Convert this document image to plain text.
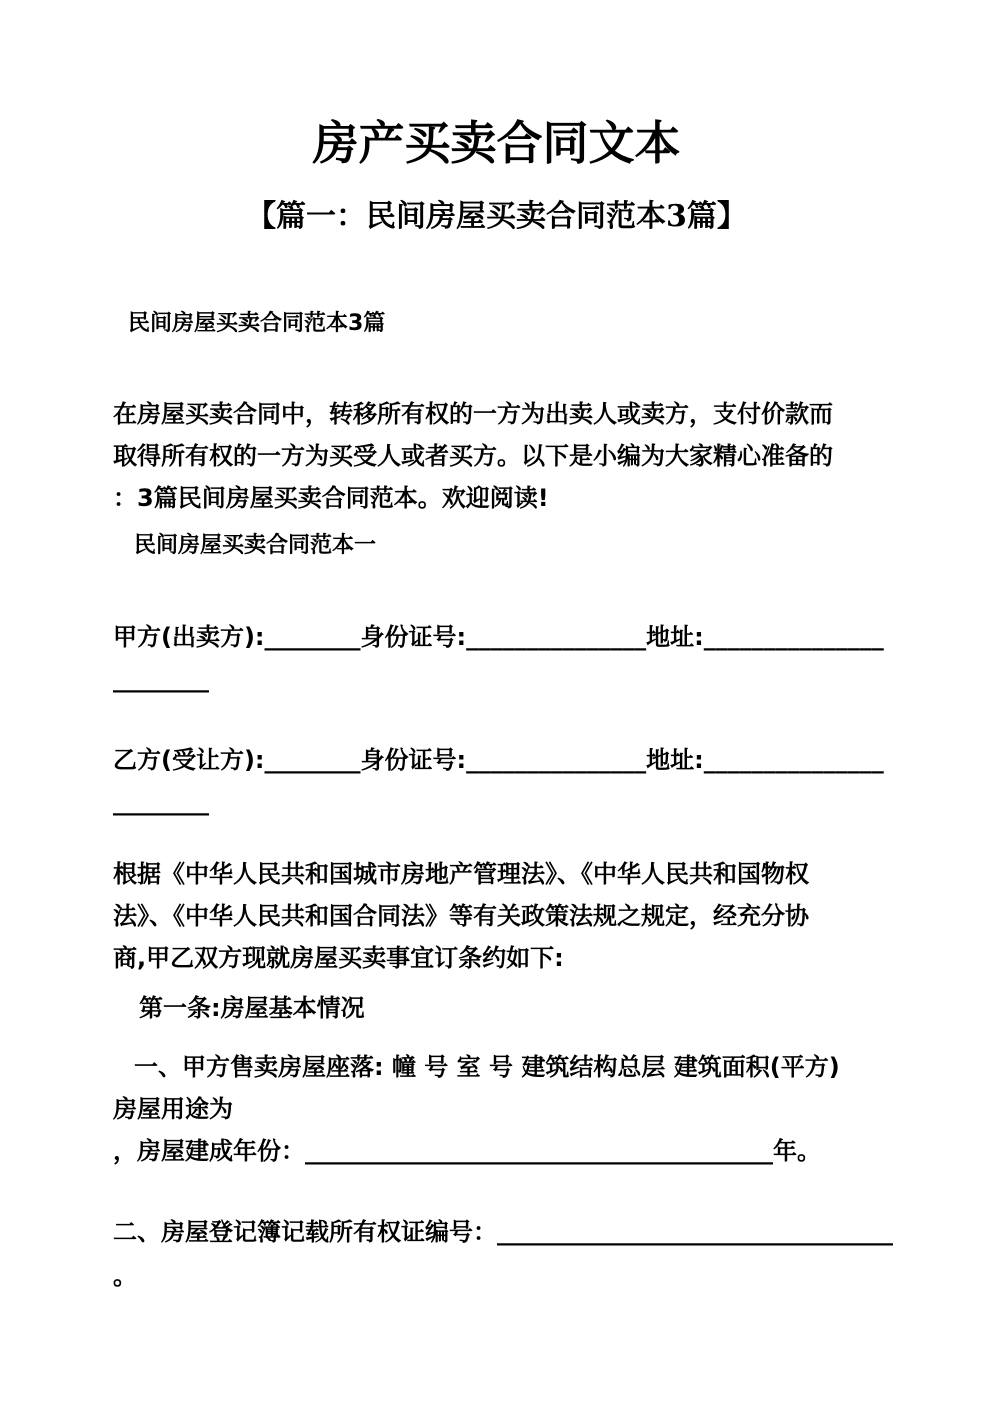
房产买卖合同文本
【篇一：民间房屋买卖合同范本3篇】
民间房屋买卖合同范本3篇
在房屋买卖合同中，转移所有权的一方为出卖人或卖方，支付价款而
取得所有权的一方为买受人或者买方。以下是小编为大家精心准备的
：3篇民间房屋买卖合同范本。欢迎阅读!
民间房屋买卖合同范本一
甲方(出卖方):________身份证号:_______________地址:_______________
________
乙方(受让方):________身份证号:_______________地址:_______________
________
根据《中华人民共和国城市房地产管理法》、《中华人民共和国物权
法》、《中华人民共和国合同法》等有关政策法规之规定，经充分协
商,甲乙双方现就房屋买卖事宜订条约如下:
第一条:房屋基本情况
一、甲方售卖房屋座落: 幢 号 室 号 建筑结构总层 建筑面积(平方)
房屋用途为
，房屋建成年份：_______________________________________年。
二、房屋登记簿记载所有权证编号：_________________________________
。
